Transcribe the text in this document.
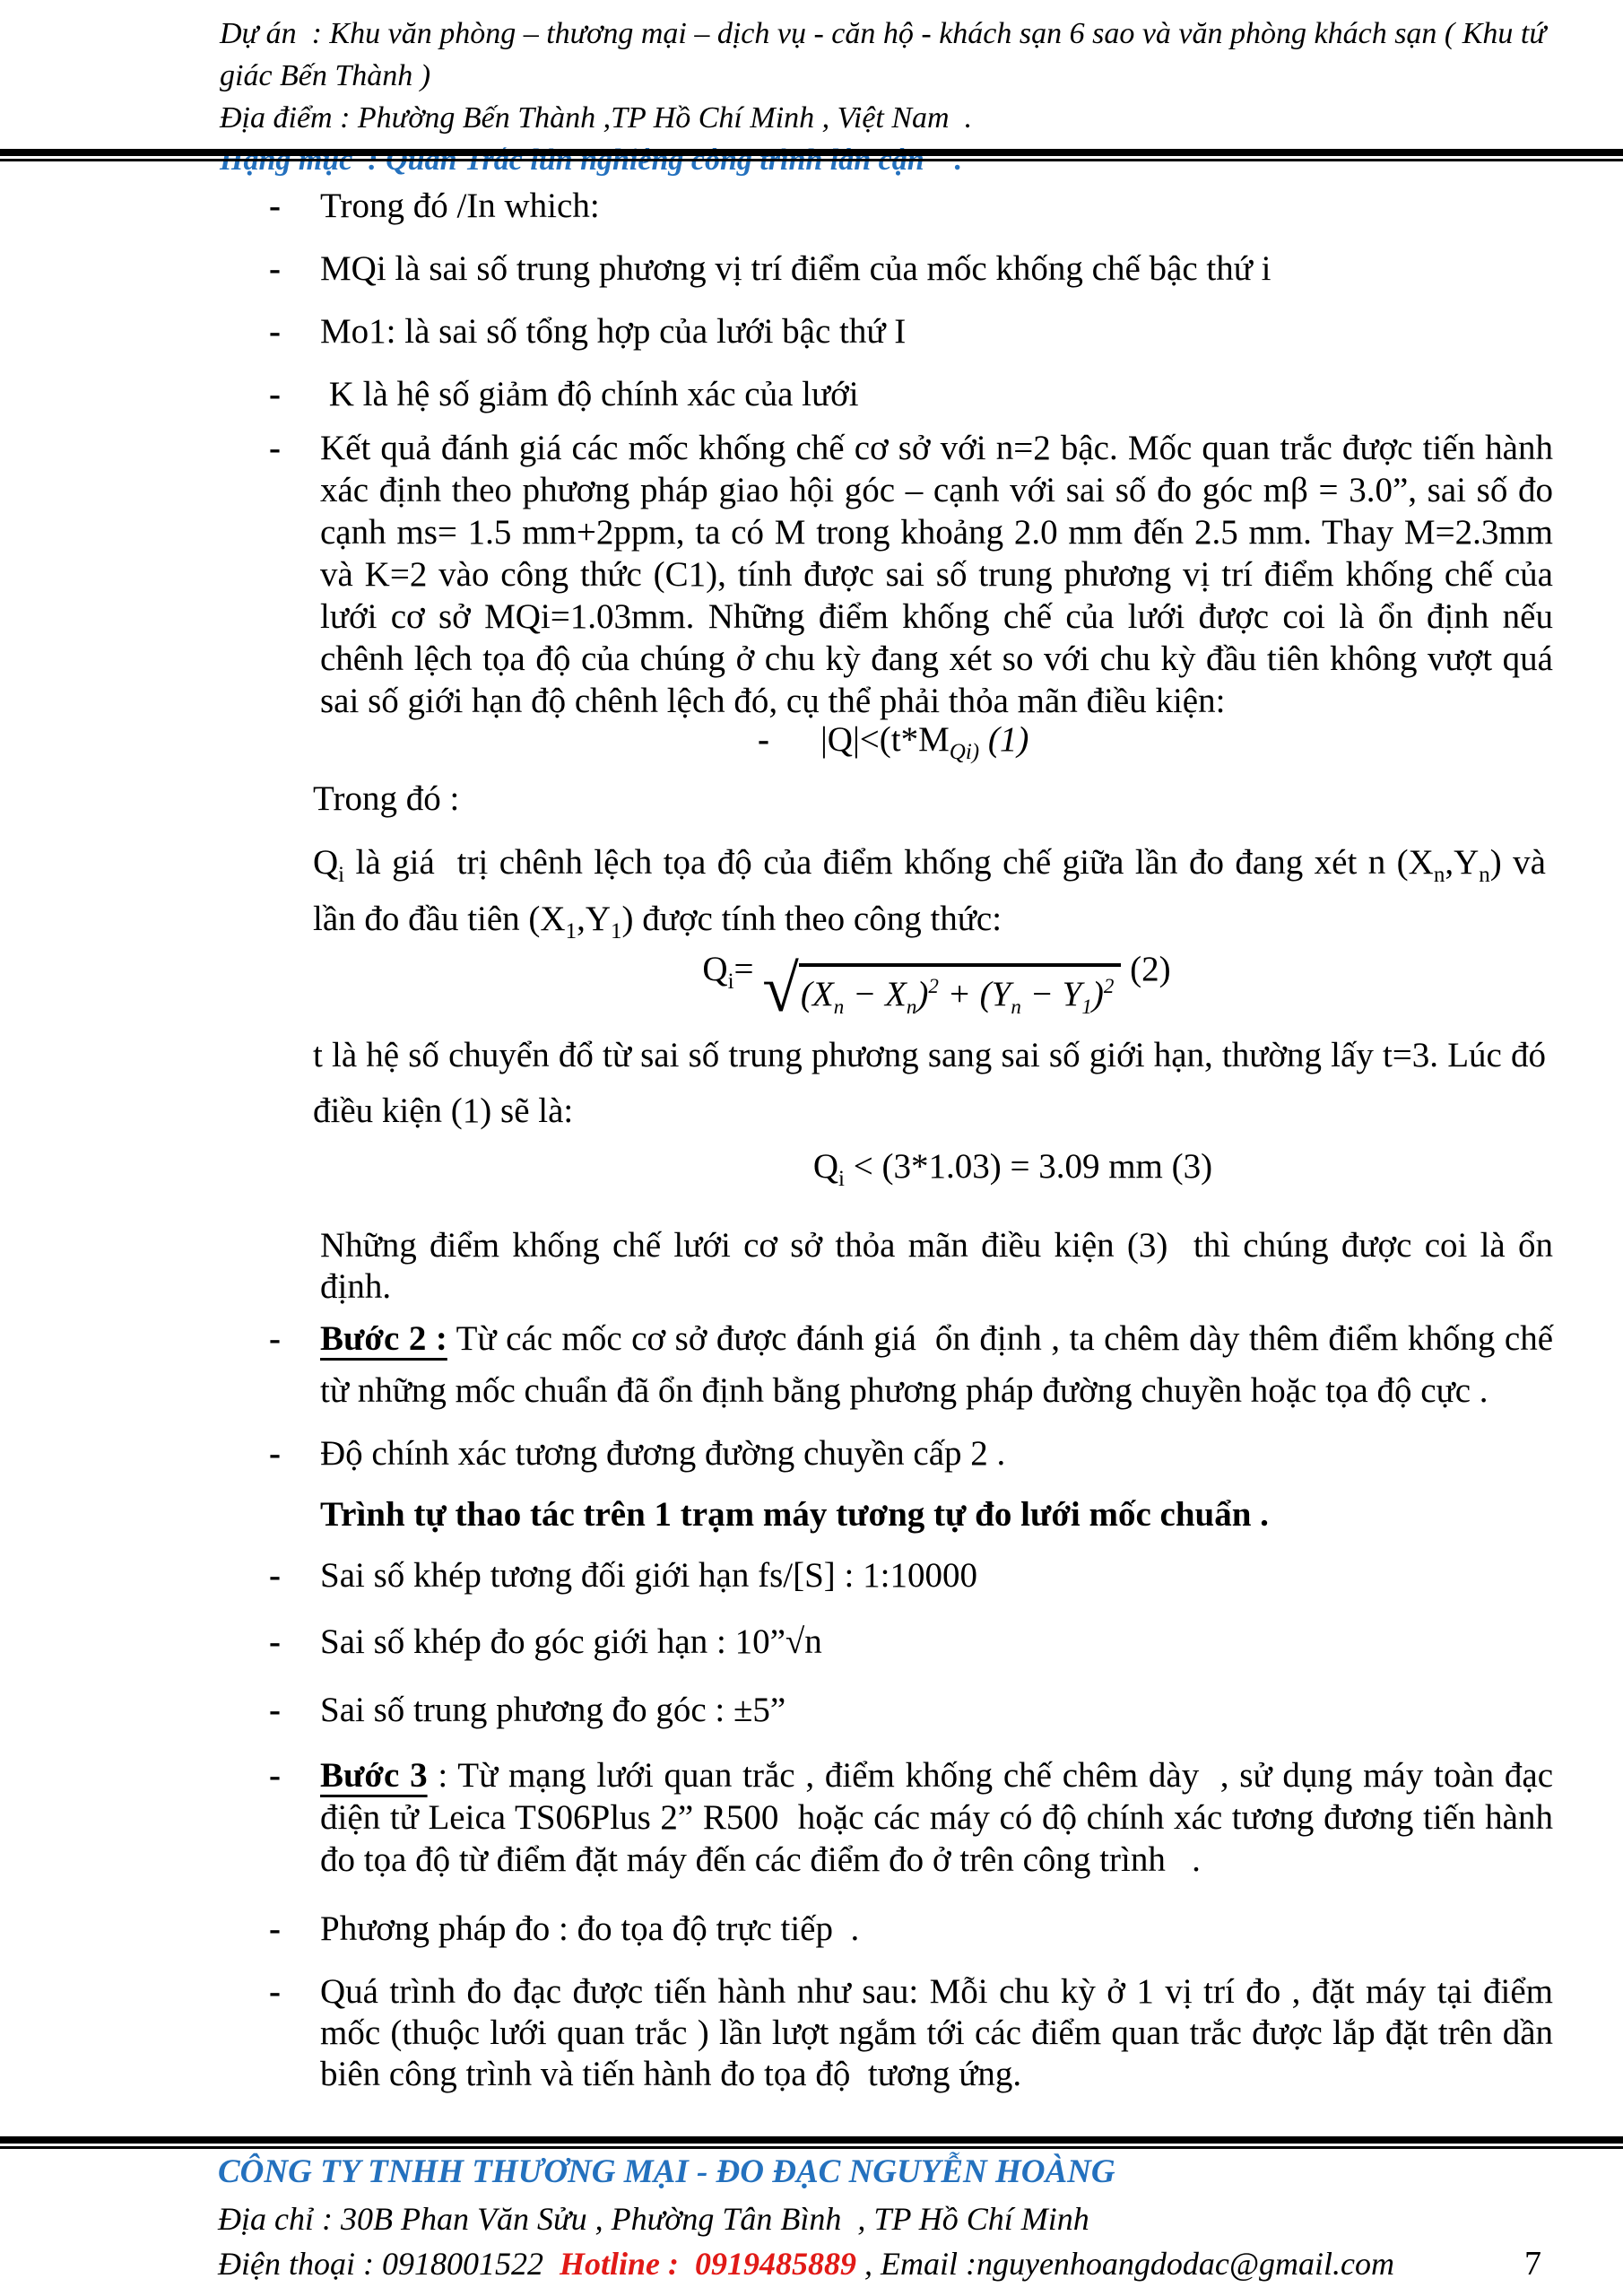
Dự án  : Khu văn phòng – thương mại – dịch vụ - căn hộ - khách sạn 6 sao và văn phòng khách sạn ( Khu tứ giác Bến Thành )
Địa điểm : Phường Bến Thành ,TP Hồ Chí Minh , Việt Nam  .
Hạng mục  : Quan Trắc lún nghiêng công trình lân cận    .
- Trong đó /In which:
- MQi là sai số trung phương vị trí điểm của mốc khống chế bậc thứ i
- Mo1: là sai số tổng hợp của lưới bậc thứ I
- K là hệ số giảm độ chính xác của lưới
- Kết quả đánh giá các mốc khống chế cơ sở với n=2 bậc. Mốc quan trắc được tiến hành xác định theo phương pháp giao hội góc – cạnh với sai số đo góc mβ = 3.0”, sai số đo cạnh ms= 1.5 mm+2ppm, ta có M trong khoảng 2.0 mm đến 2.5 mm. Thay M=2.3mm và K=2 vào công thức (C1), tính được sai số trung phương vị trí điểm khống chế của lưới cơ sở MQi=1.03mm. Những điểm khống chế của lưới được coi là ổn định nếu chênh lệch tọa độ của chúng ở chu kỳ đang xét so với chu kỳ đầu tiên không vượt quá sai số giới hạn độ chênh lệch đó, cụ thể phải thỏa mãn điều kiện:
- $|Q|<(t*M_{Qi)}$ (1)
Trong đó :
$Q_i$ là giá  trị chênh lệch tọa độ của điểm khống chế giữa lần đo đang xét n $(X_n,Y_n)$ và lần đo đầu tiên $(X_1,Y_1)$ được tính theo công thức:
$Q_i= √(X_n - X_n)^2 + (Y_n - Y_1)^2$ (2)
t là hệ số chuyển đổ từ sai số trung phương sang sai số giới hạn, thường lấy t=3. Lúc đó điều kiện (1) sẽ là:
$Q_i < (3*1.03) = 3.09$ mm (3)
Những điểm khống chế lưới cơ sở thỏa mãn điều kiện (3)  thì chúng được coi là ổn định.
- Bước 2 : Từ các mốc cơ sở được đánh giá  ổn định , ta chêm dày thêm điểm khống chế từ những mốc chuẩn đã ổn định bằng phương pháp đường chuyền hoặc tọa độ cực .
- Độ chính xác tương đương đường chuyền cấp 2 .
Trình tự thao tác trên 1 trạm máy tương tự đo lưới mốc chuẩn .
- Sai số khép tương đối giới hạn fs/[S] : 1:10000
- Sai số khép đo góc giới hạn : 10”√n
- Sai số trung phương đo góc : ±5”
- Bước 3 : Từ mạng lưới quan trắc , điểm khống chế chêm dày  , sử dụng máy toàn đạc điện tử Leica TS06Plus 2” R500  hoặc các máy có độ chính xác tương đương tiến hành đo tọa độ từ điểm đặt máy đến các điểm đo ở trên công trình   .
- Phương pháp đo : đo tọa độ trực tiếp  .
- Quá trình đo đạc được tiến hành như sau: Mỗi chu kỳ ở 1 vị trí đo , đặt máy tại điểm mốc (thuộc lưới quan trắc ) lần lượt ngắm tới các điểm quan trắc được lắp đặt trên dần biên công trình và tiến hành đo tọa độ  tương ứng.
CÔNG TY TNHH THƯƠNG MẠI - ĐO ĐẠC NGUYỄN HOÀNG
Địa chỉ : 30B Phan Văn Sửu , Phường Tân Bình  , TP Hồ Chí Minh
Điện thoại : 0918001522  Hotline :  0919485889 , Email :nguyenhoangdodac@gmail.com	7
